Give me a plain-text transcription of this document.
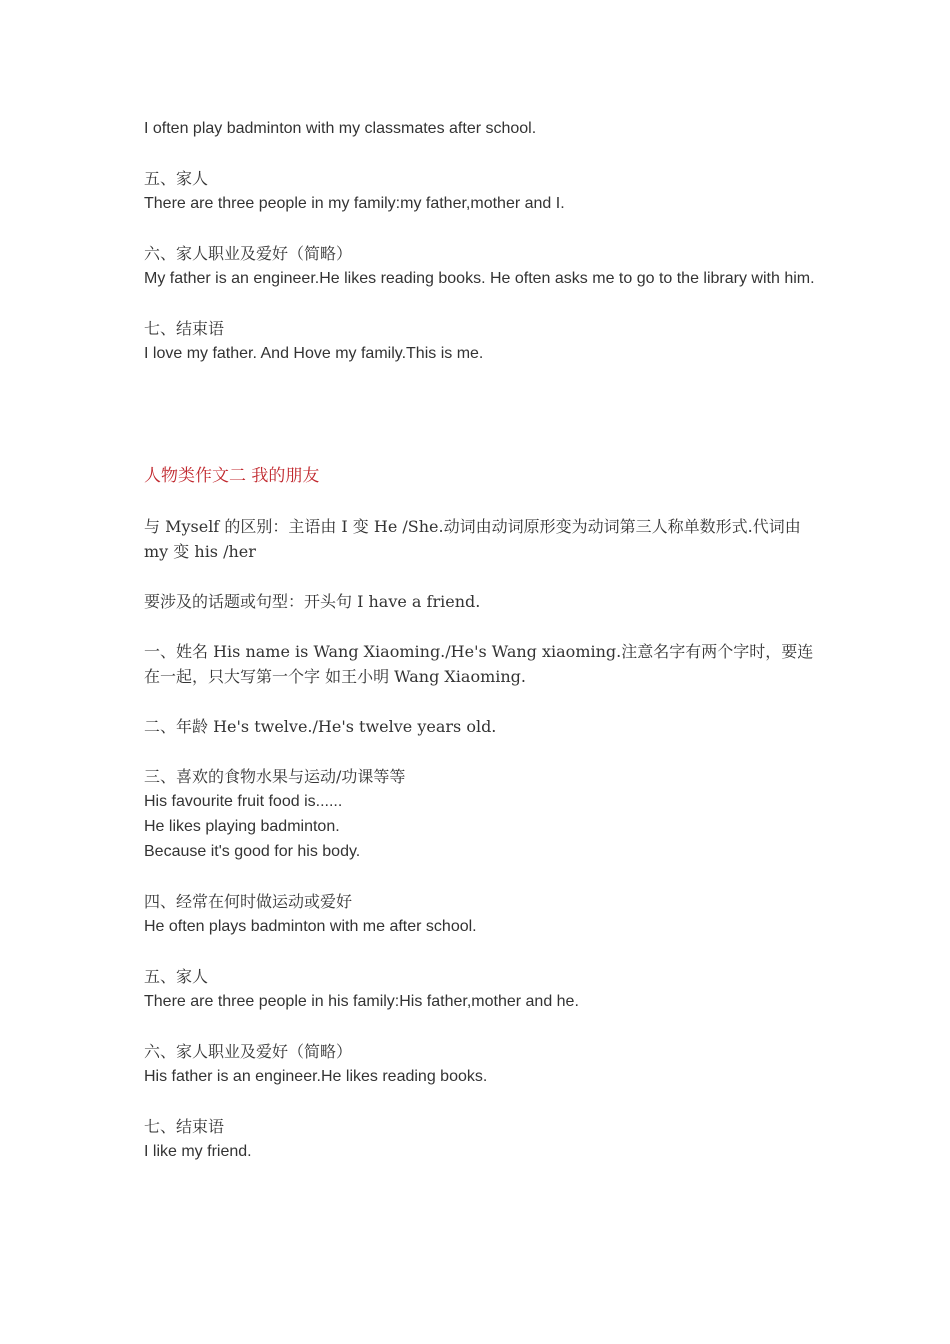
I often play badminton with my classmates after school.

五、家人

There are three people in my family:my father,mother and I.

六、家人职业及爱好（简略）

My father is an engineer.He likes reading books. He often asks me to go to the library with him.

七、结束语

I love my father. And Hove my family.This is me.

人物类作文二 我的朋友

与 Myself 的区别：主语由 I 变 He /She.动词由动词原形变为动词第三人称单数形式.代词由 my 变 his /her

要涉及的话题或句型：开头句 I have a friend.

一、姓名 His name is Wang Xiaoming./He's Wang xiaoming.注意名字有两个字时，要连在一起，只大写第一个字 如王小明 Wang Xiaoming.

二、年龄 He's twelve./He's twelve years old.

三、喜欢的食物水果与运动/功课等等

His favourite fruit food is......

He likes playing badminton.

Because it's good for his body.

四、经常在何时做运动或爱好

He often plays badminton with me after school.

五、家人

There are three people in his family:His father,mother and he.

六、家人职业及爱好（简略）

His father is an engineer.He likes reading books.

七、结束语

I like my friend.
